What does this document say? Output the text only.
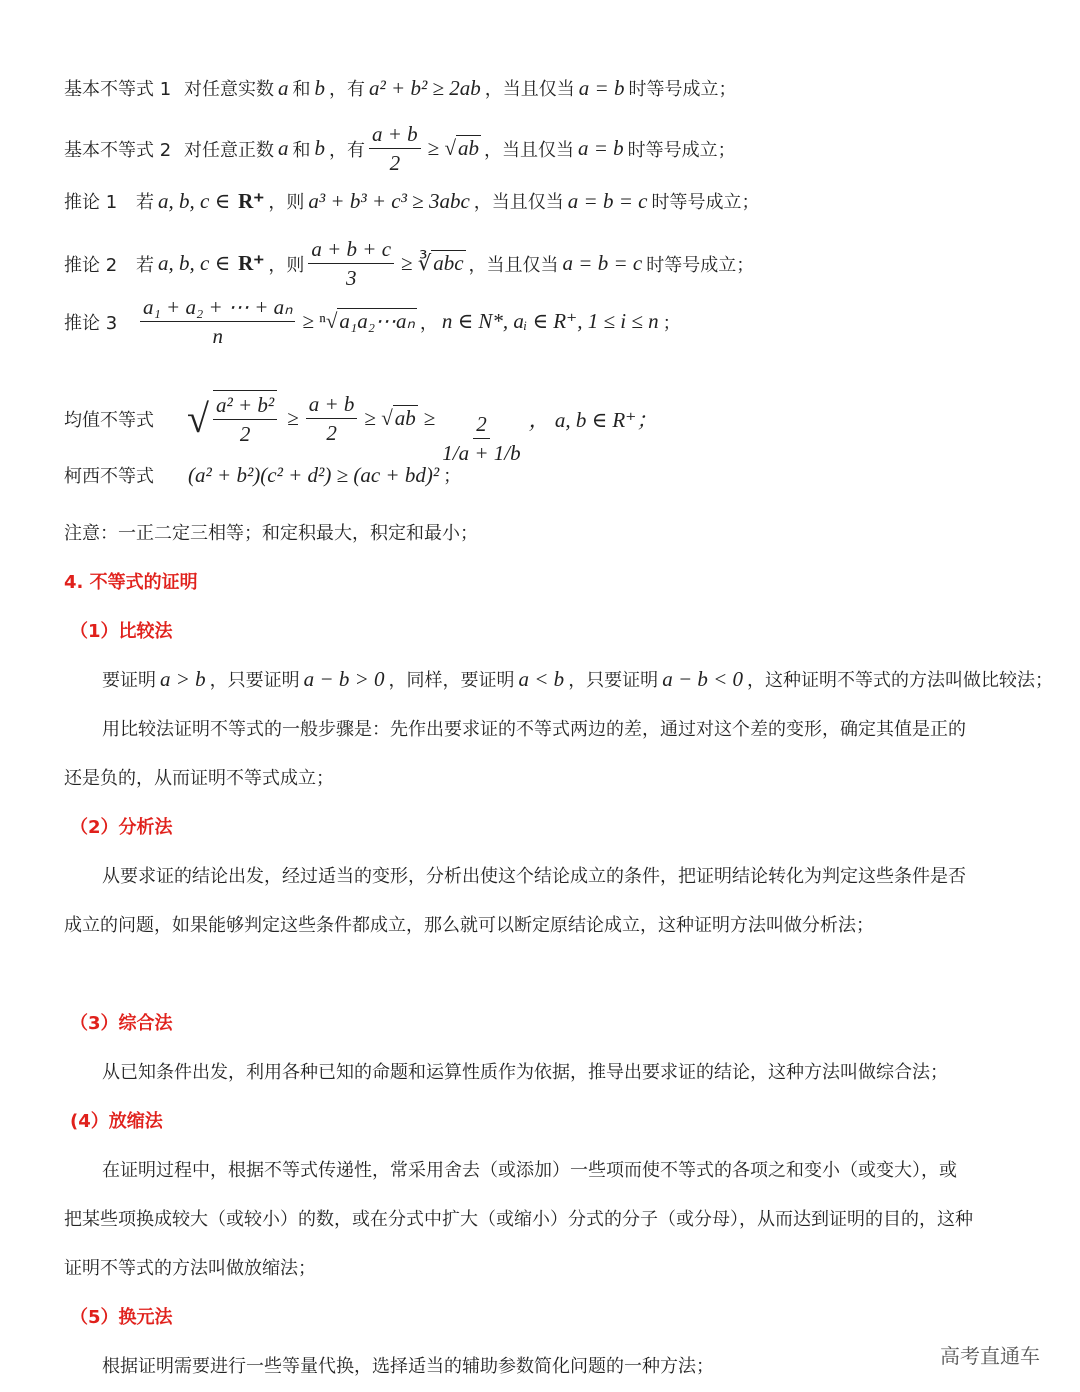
基本不等式 1 对任意实数 a 和 b ，有 a² + b² ≥ 2ab ，当且仅当 a = b 时等号成立；
基本不等式 2 对任意正数 a 和 b ，有 $\frac{a + b}{2} \ge √ab$ ，当且仅当 a = b 时等号成立；
推论 1	若 a, b, c ∈ R⁺ ，则 a³ + b³ + c³ ≥ 3abc ，当且仅当 a = b = c 时等号成立；
推论 2	若 a, b, c ∈ R⁺ ，则 $\frac{a + b + c}{3}$ ≥ ∛abc ，当且仅当 a = b = c 时等号成立；
推论 3	$\frac{\text{a₁ + a₂ + ⋯ + aₙ}}{n}$ ≥ ⁿ√a₁a₂⋯aₙ ， n ∈ N*, aᵢ ∈ R⁺, 1 ≤ i ≤ n ；
均值不等式 √ $\frac{\text{a² + b²}}{2} \ge \frac{a + b}{2} \ge √ab \ge \frac{2}{1/a + 1/b}$ ， a, b ∈ R⁺；
柯西不等式	(a² + b²)(c² + d²) ≥ (ac + bd)² ；
注意：一正二定三相等；和定积最大，积定和最小；
4. 不等式的证明
（1）比较法
要证明 a > b ，只要证明 a − b > 0 ，同样，要证明 a < b ，只要证明 a − b < 0 ，这种证明不等式的方法叫做比较法；
用比较法证明不等式的一般步骤是：先作出要求证的不等式两边的差，通过对这个差的变形，确定其值是正的
还是负的，从而证明不等式成立；
（2）分析法
从要求证的结论出发，经过适当的变形，分析出使这个结论成立的条件，把证明结论转化为判定这些条件是否
成立的问题，如果能够判定这些条件都成立，那么就可以断定原结论成立，这种证明方法叫做分析法；
（3）综合法
从已知条件出发，利用各种已知的命题和运算性质作为依据，推导出要求证的结论，这种方法叫做综合法；
(4）放缩法
在证明过程中，根据不等式传递性，常采用舍去（或添加）一些项而使不等式的各项之和变小（或变大），或
把某些项换成较大（或较小）的数，或在分式中扩大（或缩小）分式的分子（或分母），从而达到证明的目的，这种
证明不等式的方法叫做放缩法；
（5）换元法
根据证明需要进行一些等量代换，选择适当的辅助参数简化问题的一种方法；	高考直通车
